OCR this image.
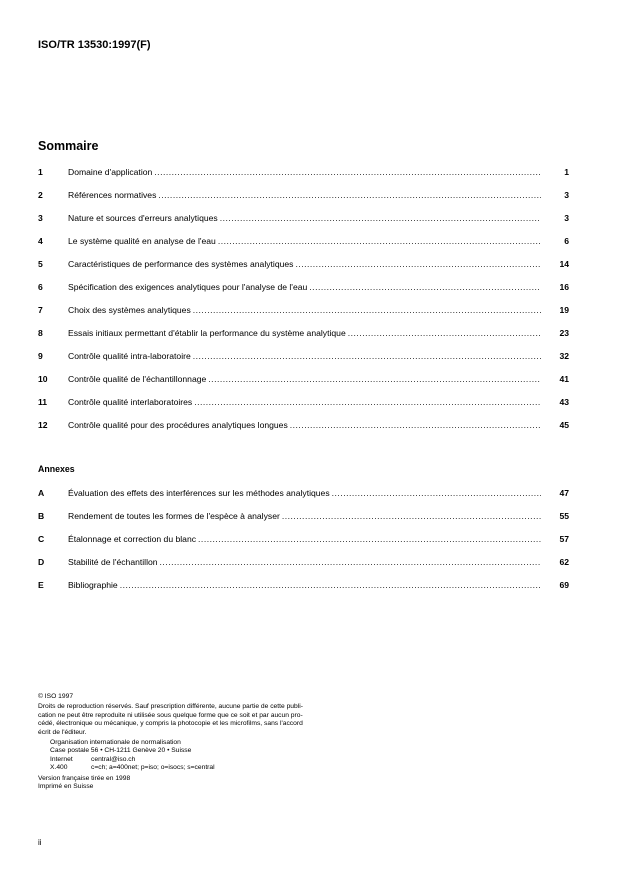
ISO/TR 13530:1997(F)
Sommaire
1	Domaine d'application .....	1
2	Références normatives .....	3
3	Nature et sources d'erreurs analytiques .....	3
4	Le système qualité en analyse de l'eau .....	6
5	Caractéristiques de performance des systèmes analytiques .....	14
6	Spécification des exigences analytiques pour l'analyse de l'eau .....	16
7	Choix des systèmes analytiques .....	19
8	Essais initiaux permettant d'établir la performance du système analytique .....	23
9	Contrôle qualité intra-laboratoire .....	32
10	Contrôle qualité de l'échantillonnage .....	41
11	Contrôle qualité interlaboratoires .....	43
12	Contrôle qualité pour des procédures analytiques longues .....	45
Annexes
A	Évaluation des effets des interférences sur les méthodes analytiques .....	47
B	Rendement de toutes les formes de l'espèce à analyser .....	55
C	Étalonnage et correction du blanc .....	57
D	Stabilité de l'échantillon .....	62
E	Bibliographie .....	69

© ISO 1997

Droits de reproduction réservés. Sauf prescription différente, aucune partie de cette publi-

cation ne peut être reproduite ni utilisée sous quelque forme que ce soit et par aucun pro-

cédé, électronique ou mécanique, y compris la photocopie et les microfilms, sans l'accord

écrit de l'éditeur.

Organisation internationale de normalisation

Case postale 56 • CH-1211 Genève 20 • Suisse

Internet	central@iso.ch
X.400	c=ch; a=400net; p=iso; o=isocs; s=central

Version française tirée en 1998

Imprimé en Suisse

ii
